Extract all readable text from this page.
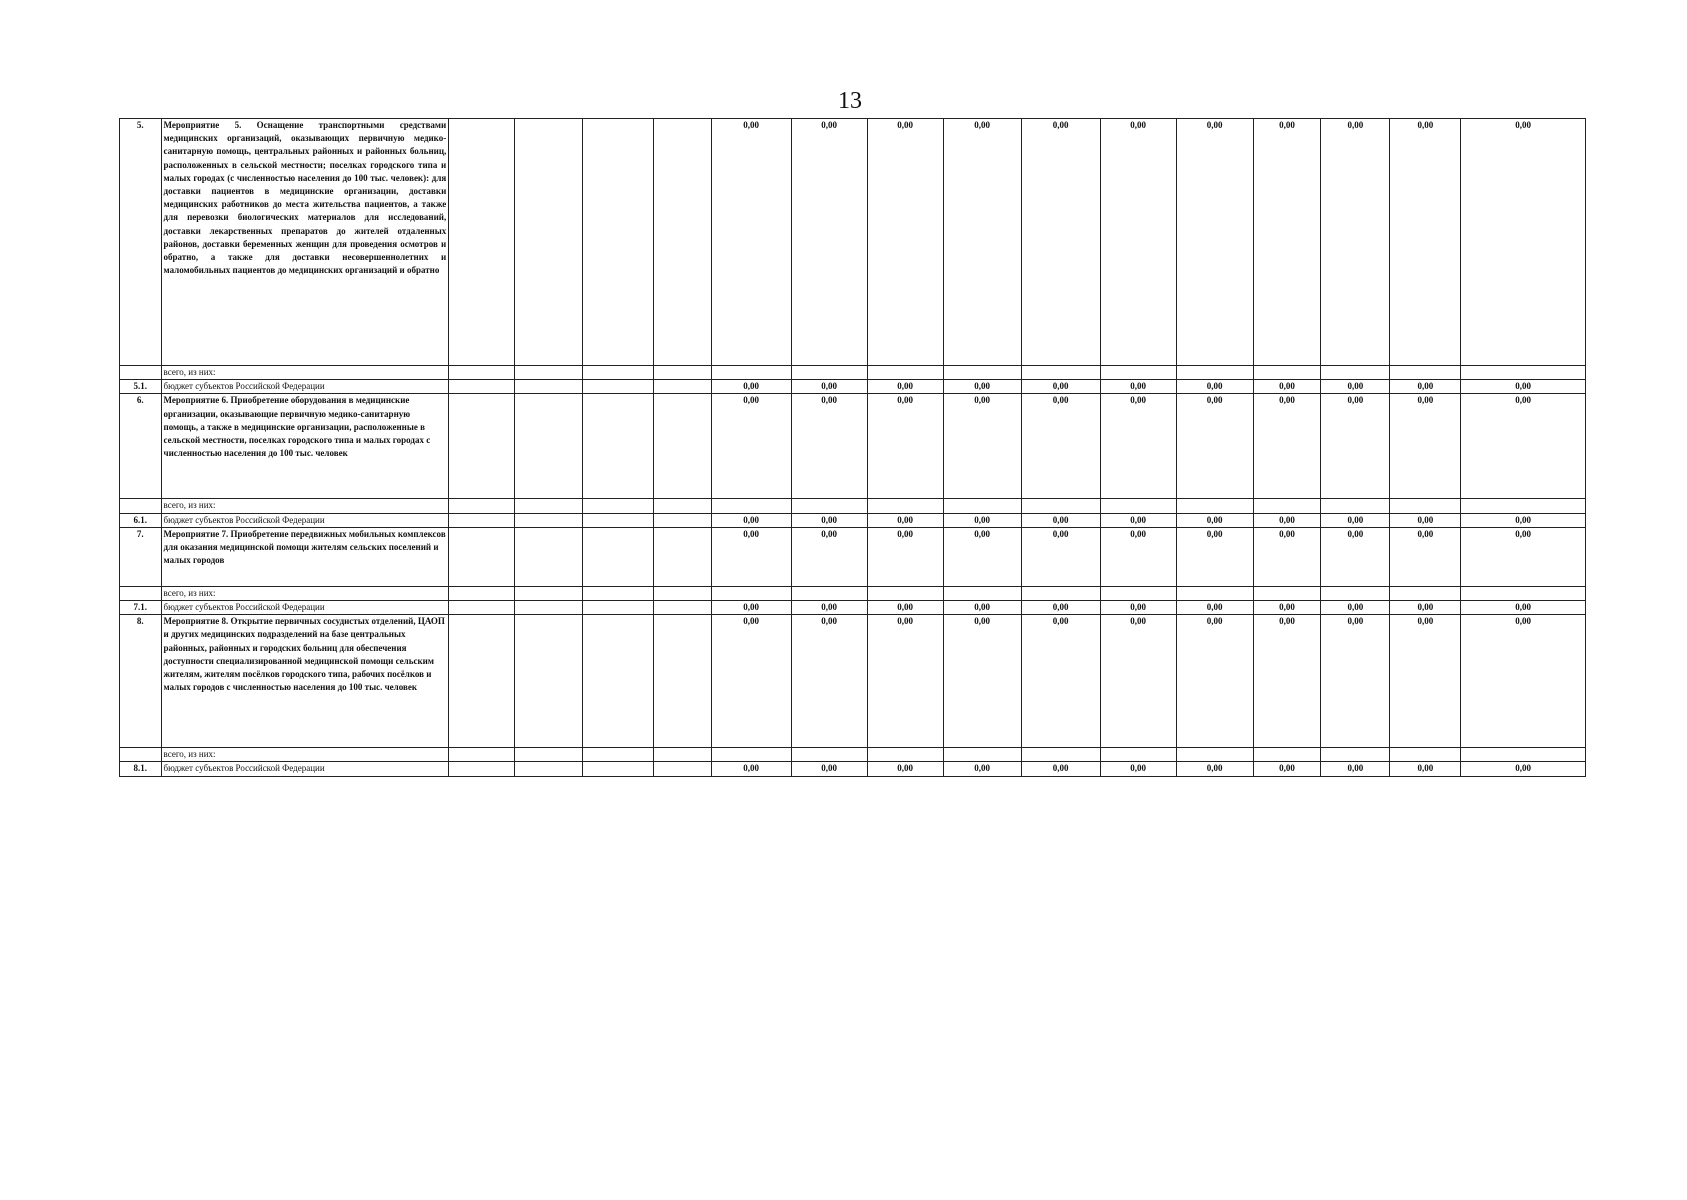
13
5.	Мероприятие 5. Оснащение транспортными средствами медицинских организаций, оказывающих первичную медико-санитарную помощь, центральных районных и районных больниц, расположенных в сельской местности; поселках городского типа и малых городах (с численностью населения до 100 тыс. человек): для доставки пациентов в медицинские организации, доставки медицинских работников до места жительства пациентов, а также для перевозки биологических материалов для исследований, доставки лекарственных препаратов до жителей отдаленных районов, доставки беременных женщин для проведения осмотров и обратно, а также для доставки несовершеннолетних и маломобильных пациентов до медицинских организаций и обратно					0,00	0,00	0,00	0,00	0,00	0,00	0,00	0,00	0,00	0,00	0,00
	всего, из них:															
5.1.	бюджет субъектов Российской Федерации					0,00	0,00	0,00	0,00	0,00	0,00	0,00	0,00	0,00	0,00	0,00
6.	Мероприятие 6. Приобретение оборудования в медицинские организации, оказывающие первичную медико-санитарную помощь, а также в медицинские организации, расположенные в сельской местности, поселках городского типа и малых городах с численностью населения до 100 тыс. человек					0,00	0,00	0,00	0,00	0,00	0,00	0,00	0,00	0,00	0,00	0,00
	всего, из них:															
6.1.	бюджет субъектов Российской Федерации					0,00	0,00	0,00	0,00	0,00	0,00	0,00	0,00	0,00	0,00	0,00
7.	Мероприятие 7. Приобретение передвижных мобильных комплексов для оказания медицинской помощи жителям сельских поселений и малых городов					0,00	0,00	0,00	0,00	0,00	0,00	0,00	0,00	0,00	0,00	0,00
	всего, из них:															
7.1.	бюджет субъектов Российской Федерации					0,00	0,00	0,00	0,00	0,00	0,00	0,00	0,00	0,00	0,00	0,00
8.	Мероприятие 8. Открытие первичных сосудистых отделений, ЦАОП и других медицинских подразделений на базе центральных районных, районных и городских больниц для обеспечения доступности специализированной медицинской помощи сельским жителям, жителям посёлков городского типа, рабочих посёлков и малых городов с численностью населения до 100 тыс. человек					0,00	0,00	0,00	0,00	0,00	0,00	0,00	0,00	0,00	0,00	0,00
	всего, из них:															
8.1.	бюджет субъектов Российской Федерации					0,00	0,00	0,00	0,00	0,00	0,00	0,00	0,00	0,00	0,00	0,00
